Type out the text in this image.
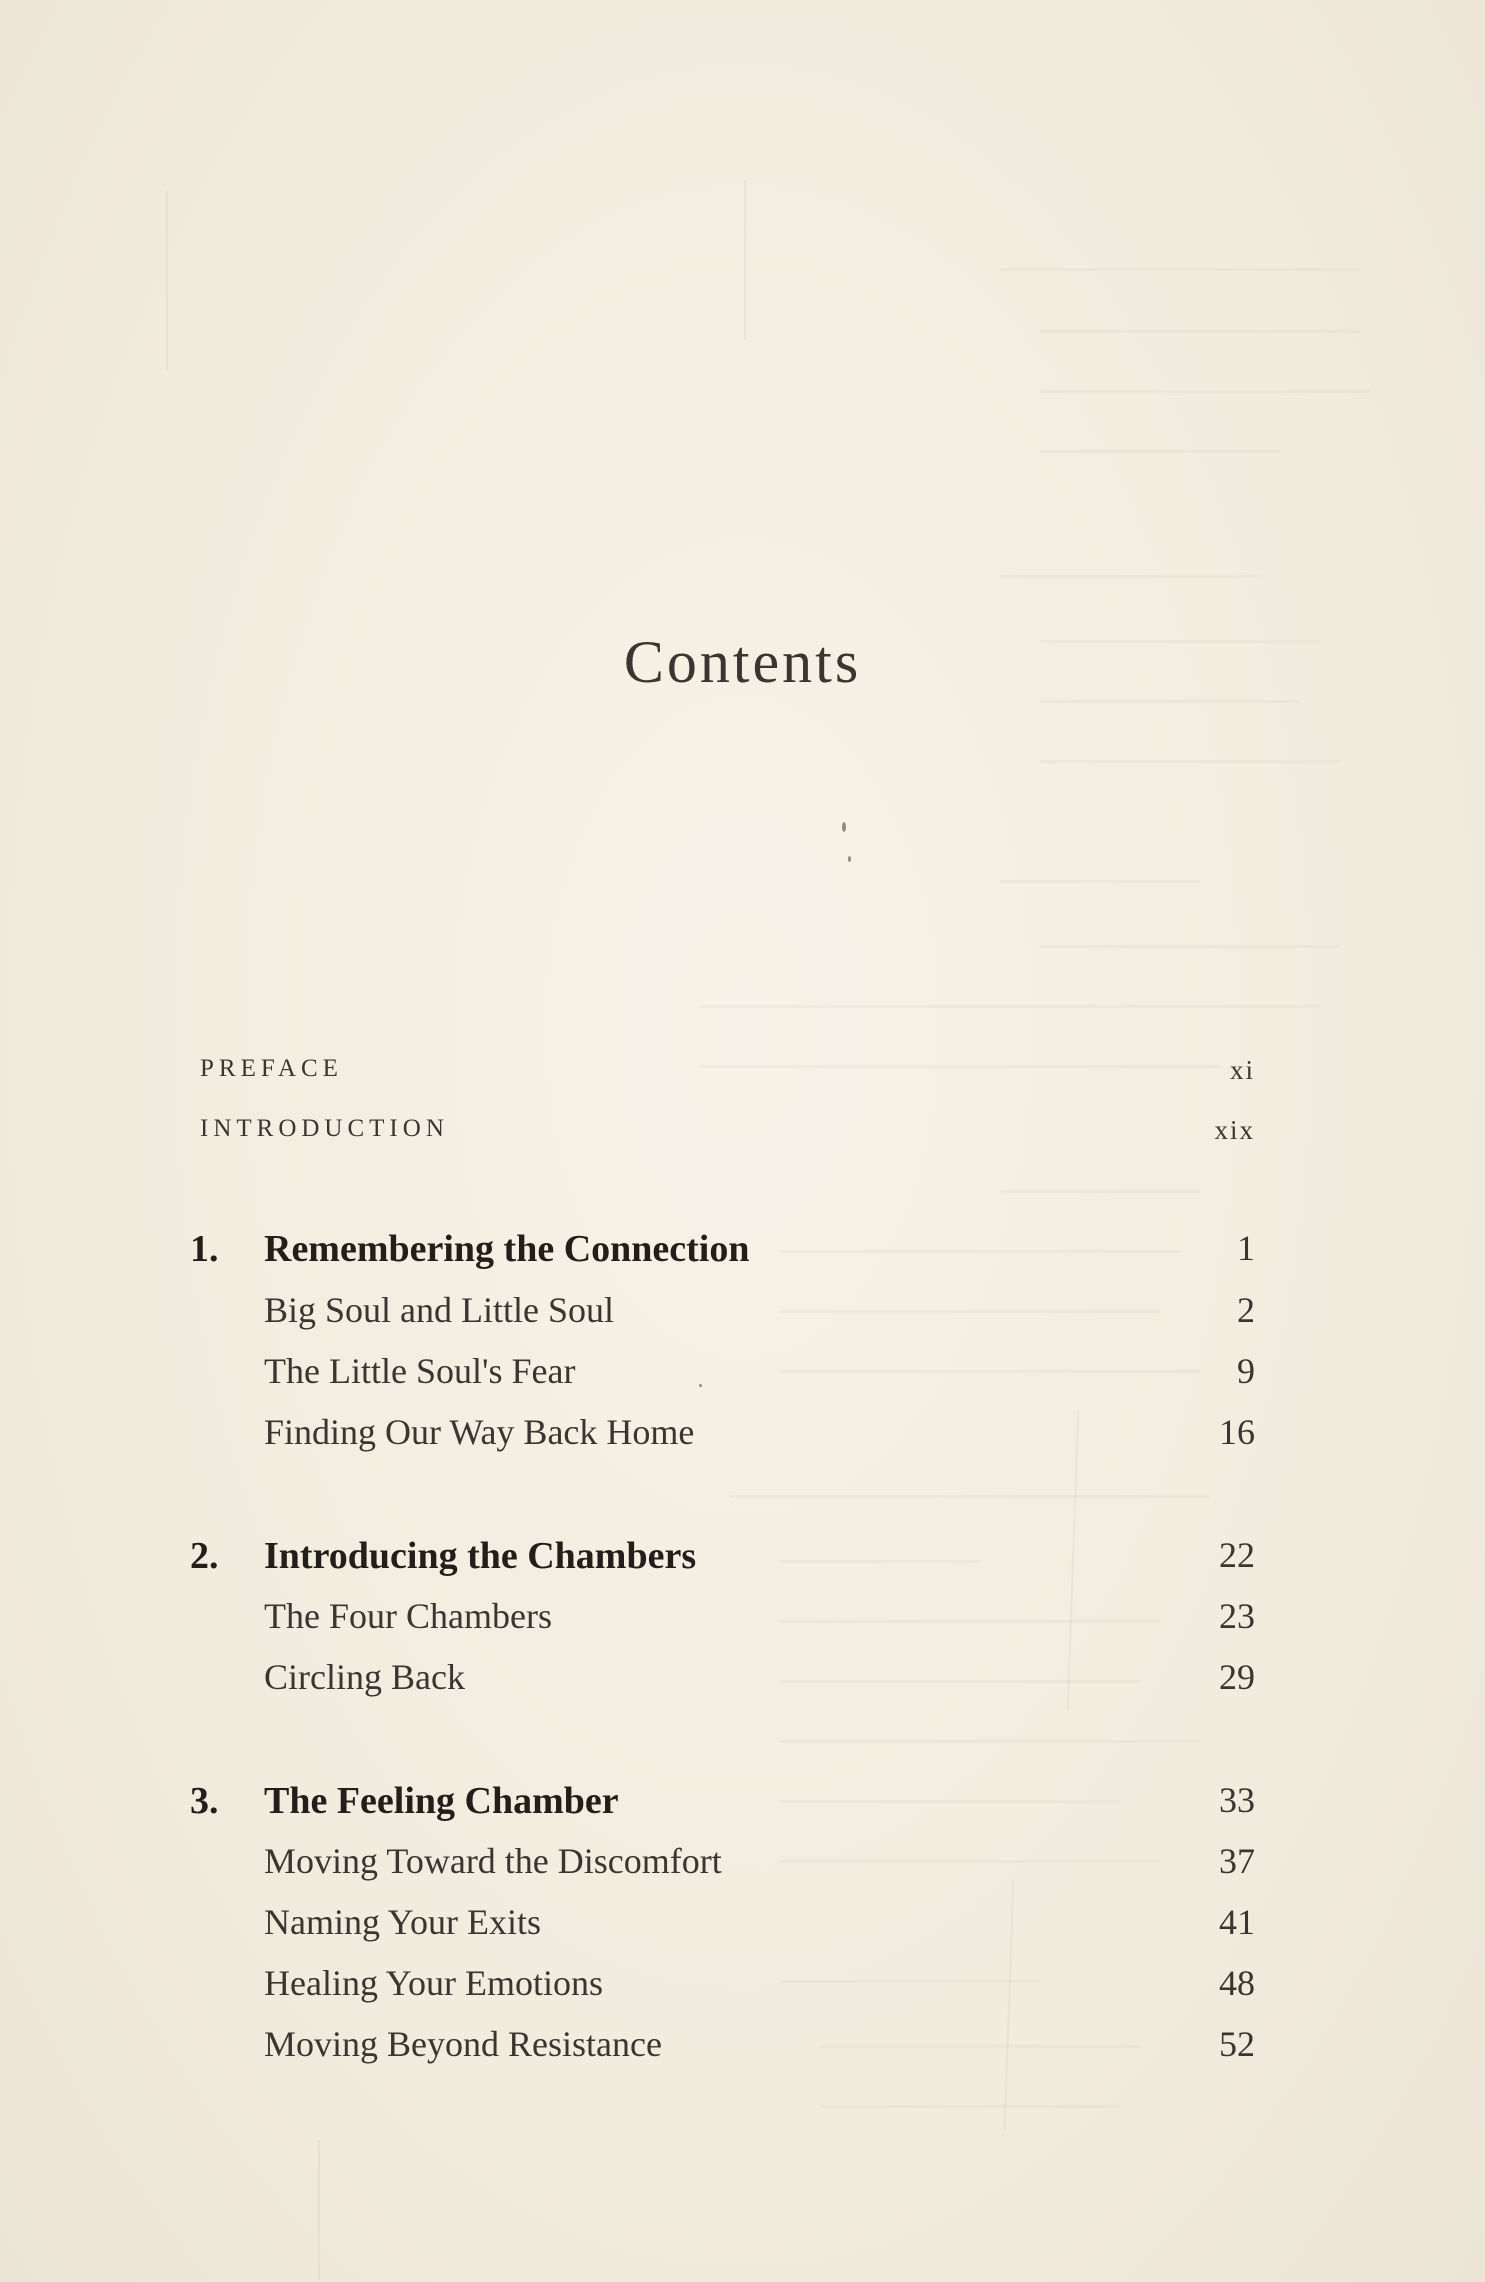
Contents
PREFACE	xi
INTRODUCTION	xix
1. Remembering the Connection	1
Big Soul and Little Soul	2
The Little Soul's Fear	9
Finding Our Way Back Home	16
2. Introducing the Chambers	22
The Four Chambers	23
Circling Back	29
3. The Feeling Chamber	33
Moving Toward the Discomfort	37
Naming Your Exits	41
Healing Your Emotions	48
Moving Beyond Resistance	52
